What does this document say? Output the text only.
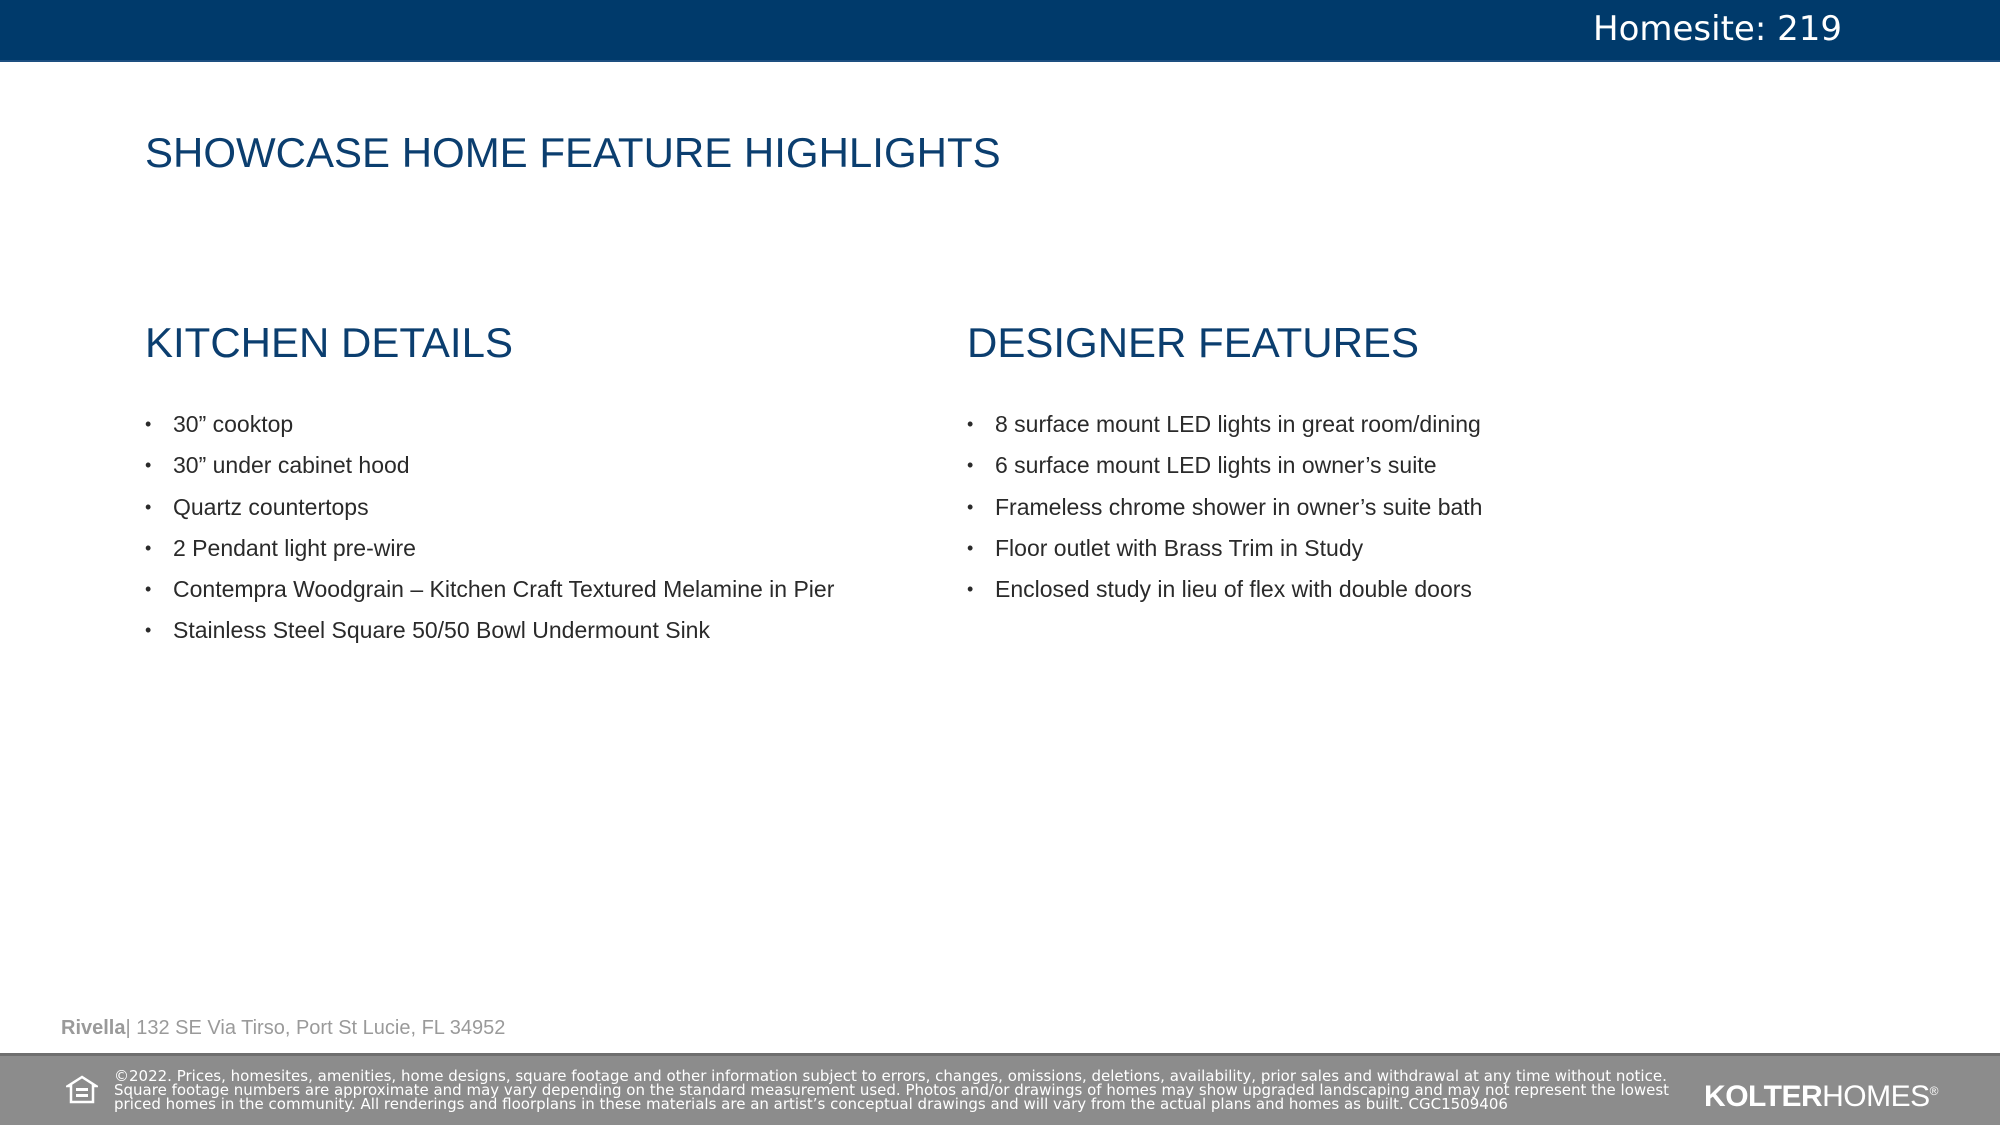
Homesite: 219
SHOWCASE HOME FEATURE HIGHLIGHTS
KITCHEN DETAILS
• 30” cooktop
• 30” under cabinet hood
• Quartz countertops
• 2 Pendant light pre-wire
• Contempra Woodgrain – Kitchen Craft Textured Melamine in Pier
• Stainless Steel Square 50/50 Bowl Undermount Sink
DESIGNER FEATURES
• 8 surface mount LED lights in great room/dining
• 6 surface mount LED lights in owner’s suite
• Frameless chrome shower in owner’s suite bath
• Floor outlet with Brass Trim in Study
• Enclosed study in lieu of flex with double doors
Rivella| 132 SE Via Tirso, Port St Lucie, FL 34952
©2022. Prices, homesites, amenities, home designs, square footage and other information subject to errors, changes, omissions, deletions, availability, prior sales and withdrawal at any time without notice.
Square footage numbers are approximate and may vary depending on the standard measurement used. Photos and/or drawings of homes may show upgraded landscaping and may not represent the lowest
priced homes in the community. All renderings and floorplans in these materials are an artist’s conceptual drawings and will vary from the actual plans and homes as built. CGC1509406	KOLTERHOMES®
